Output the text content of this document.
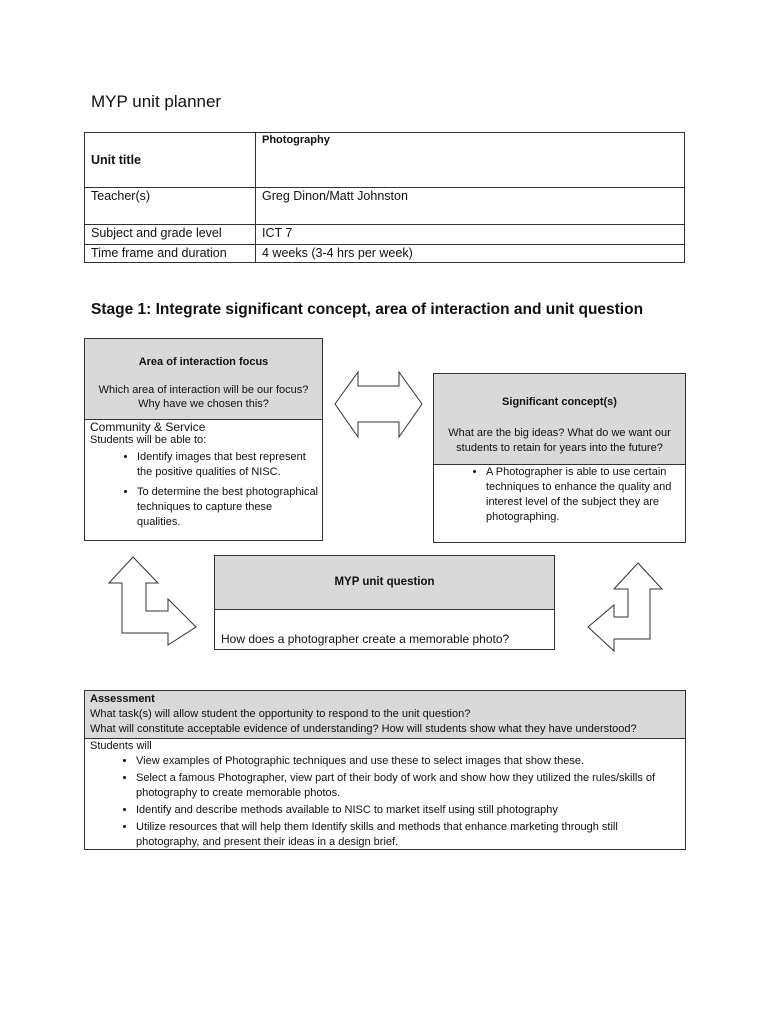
MYP unit planner
Unit title	Photography
Teacher(s)	Greg Dinon/Matt Johnston
Subject and grade level	ICT 7
Time frame and duration	4 weeks (3-4 hrs per week)
Stage 1: Integrate significant concept, area of interaction and unit question
Area of interaction focus
Which area of interaction will be our focus? Why have we chosen this?
Community & Service
Students will be able to:
• Identify images that best represent the positive qualities of NISC.
• To determine the best photographical techniques to capture these qualities.
Significant concept(s)
What are the big ideas? What do we want our students to retain for years into the future?
• A Photographer is able to use certain techniques to enhance the quality and interest level of the subject they are photographing.
MYP unit question
How does a photographer create a memorable photo?
Assessment
What task(s) will allow student the opportunity to respond to the unit question?
What will constitute acceptable evidence of understanding? How will students show what they have understood?
Students will
• View examples of Photographic techniques and use these to select images that show these.
• Select a famous Photographer, view part of their body of work and show how they utilized the rules/skills of photography to create memorable photos.
• Identify and describe methods available to NISC to market itself using still photography
• Utilize resources that will help them Identify skills and methods that enhance marketing through still photography, and present their ideas in a design brief.
